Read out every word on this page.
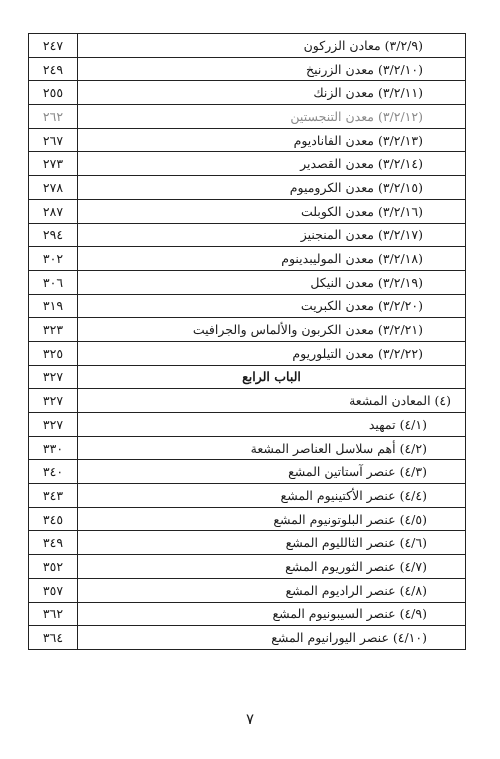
٢٤٧	(٣/٢/٩) معادن الزركون

٢٤٩	(٣/٢/١٠) معدن الزرنيخ

٢٥٥	(٣/٢/١١) معدن الزنك

٢٦٢	(٣/٢/١٢) معدن التنجستين

٢٦٧	(٣/٢/١٣) معدن الفاناديوم

٢٧٣	(٣/٢/١٤) معدن القصدير

٢٧٨	(٣/٢/١٥) معدن الكروميوم

٢٨٧	(٣/٢/١٦) معدن الكوبلت

٢٩٤	(٣/٢/١٧) معدن المنجنيز

٣٠٢	(٣/٢/١٨) معدن الموليبدينوم

٣٠٦	(٣/٢/١٩) معدن النيكل

٣١٩	(٣/٢/٢٠) معدن الكبريت

٣٢٣	(٣/٢/٢١) معدن الكربون والألماس والجرافيت

٣٢٥	(٣/٢/٢٢) معدن التيلوريوم

٣٢٧	الباب الرابع

٣٢٧	(٤) المعادن المشعة

٣٢٧	(٤/١) تمهيد

٣٣٠	(٤/٢) أهم سلاسل العناصر المشعة

٣٤٠	(٤/٣) عنصر آستاتين المشع

٣٤٣	(٤/٤) عنصر الأكتينيوم المشع

٣٤٥	(٤/٥) عنصر البلوتونيوم المشع

٣٤٩	(٤/٦) عنصر الثالليوم المشع

٣٥٢	(٤/٧) عنصر الثوريوم المشع

٣٥٧	(٤/٨) عنصر الراديوم المشع

٣٦٢	(٤/٩) عنصر السيبونيوم المشع

٣٦٤	(٤/١٠) عنصر اليورانيوم المشع
٧
